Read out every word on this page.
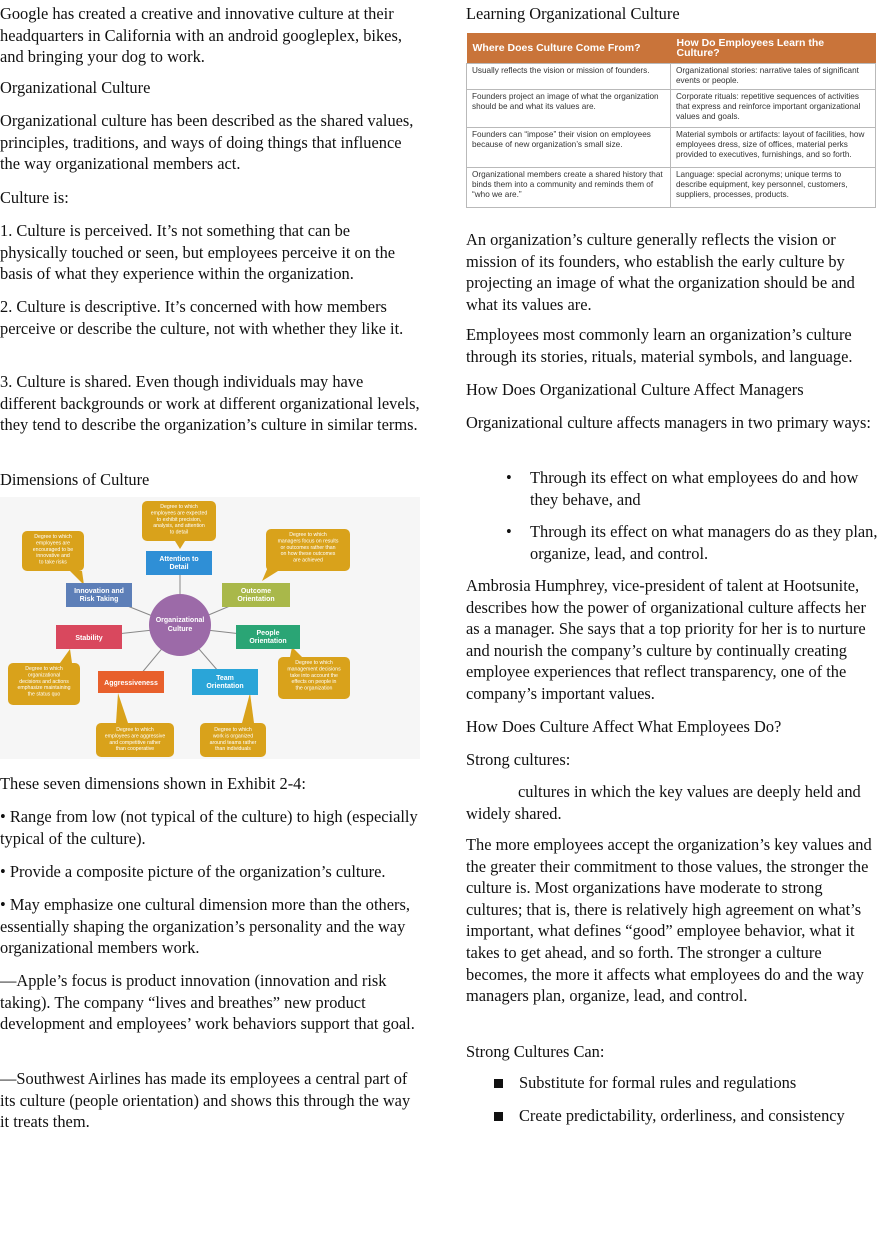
Google has created a creative and innovative culture at their headquarters in California with an android googleplex, bikes, and bringing your dog to work.

Organizational Culture

Organizational culture has been described as the shared values, principles, traditions, and ways of doing things that influence the way organizational members act.

Culture is:

1. Culture is perceived. It’s not something that can be physically touched or seen, but employees perceive it on the basis of what they experience within the organization.

2. Culture is descriptive. It’s concerned with how members perceive or describe the culture, not with whether they like it.

3. Culture is shared. Even though individuals may have different backgrounds or work at different organizational levels, they tend to describe the organization’s culture in similar terms.

Dimensions of Culture

Degree to which employees are expected to exhibit precision, analysis, and attention to detail	Degree to which managers focus on results or outcomes rather than on how these outcomes are achieved
Degree to which management decisions take into account the effects on people in the organization
Degree to which work is organized around teams rather than individuals
Degree to which employees are aggressive and competitive rather than cooperative
Degree to which organizational decisions and actions emphasize maintaining the status quo
Degree to which employees are encouraged to be innovative and to take risks	Attention to Detail
Outcome Orientation
People Orientation
Team Orientation
Aggressiveness
Stability
Innovation and Risk Taking
Organizational Culture

These seven dimensions shown in Exhibit 2-4:

• Range from low (not typical of the culture) to high (especially typical of the culture).

• Provide a composite picture of the organization’s culture.

• May emphasize one cultural dimension more than the others, essentially shaping the organization’s personality and the way organizational members work.

—Apple’s focus is product innovation (innovation and risk taking). The company “lives and breathes” new product development and employees’ work behaviors support that goal.

—Southwest Airlines has made its employees a central part of its culture (people orientation) and shows this through the way it treats them.

Learning Organizational Culture

Where Does Culture Come From?	How Do Employees Learn the Culture?
Usually reflects the vision or mission of founders.	Organizational stories: narrative tales of significant events or people.
Founders project an image of what the organization should be and what its values are.	Corporate rituals: repetitive sequences of activities that express and reinforce important organizational values and goals.
Founders can “impose” their vision on employees because of new organization’s small size.	Material symbols or artifacts: layout of facilities, how employees dress, size of offices, material perks provided to executives, furnishings, and so forth.
Organizational members create a shared history that binds them into a community and reminds them of “who we are.”	Language: special acronyms; unique terms to describe equipment, key personnel, customers, suppliers, processes, products.

An organization’s culture generally reflects the vision or mission of its founders, who establish the early culture by projecting an image of what the organization should be and what its values are.

Employees most commonly learn an organization’s culture through its stories, rituals, material symbols, and language.

How Does Organizational Culture Affect Managers

Organizational culture affects managers in two primary ways:

• Through its effect on what employees do and how they behave, and

• Through its effect on what managers do as they plan, organize, lead, and control.

Ambrosia Humphrey, vice-president of talent at Hootsunite, describes how the power of organizational culture affects her as a manager. She says that a top priority for her is to nurture and nourish the company’s culture by continually creating employee experiences that reflect transparency, one of the company’s important values.

How Does Culture Affect What Employees Do?

Strong cultures:

cultures in which the key values are deeply held and widely shared.

The more employees accept the organization’s key values and the greater their commitment to those values, the stronger the culture is. Most organizations have moderate to strong cultures; that is, there is relatively high agreement on what’s important, what defines “good” employee behavior, what it takes to get ahead, and so forth. The stronger a culture becomes, the more it affects what employees do and the way managers plan, organize, lead, and control.

Strong Cultures Can:

Substitute for formal rules and regulations

Create predictability, orderliness, and consistency
